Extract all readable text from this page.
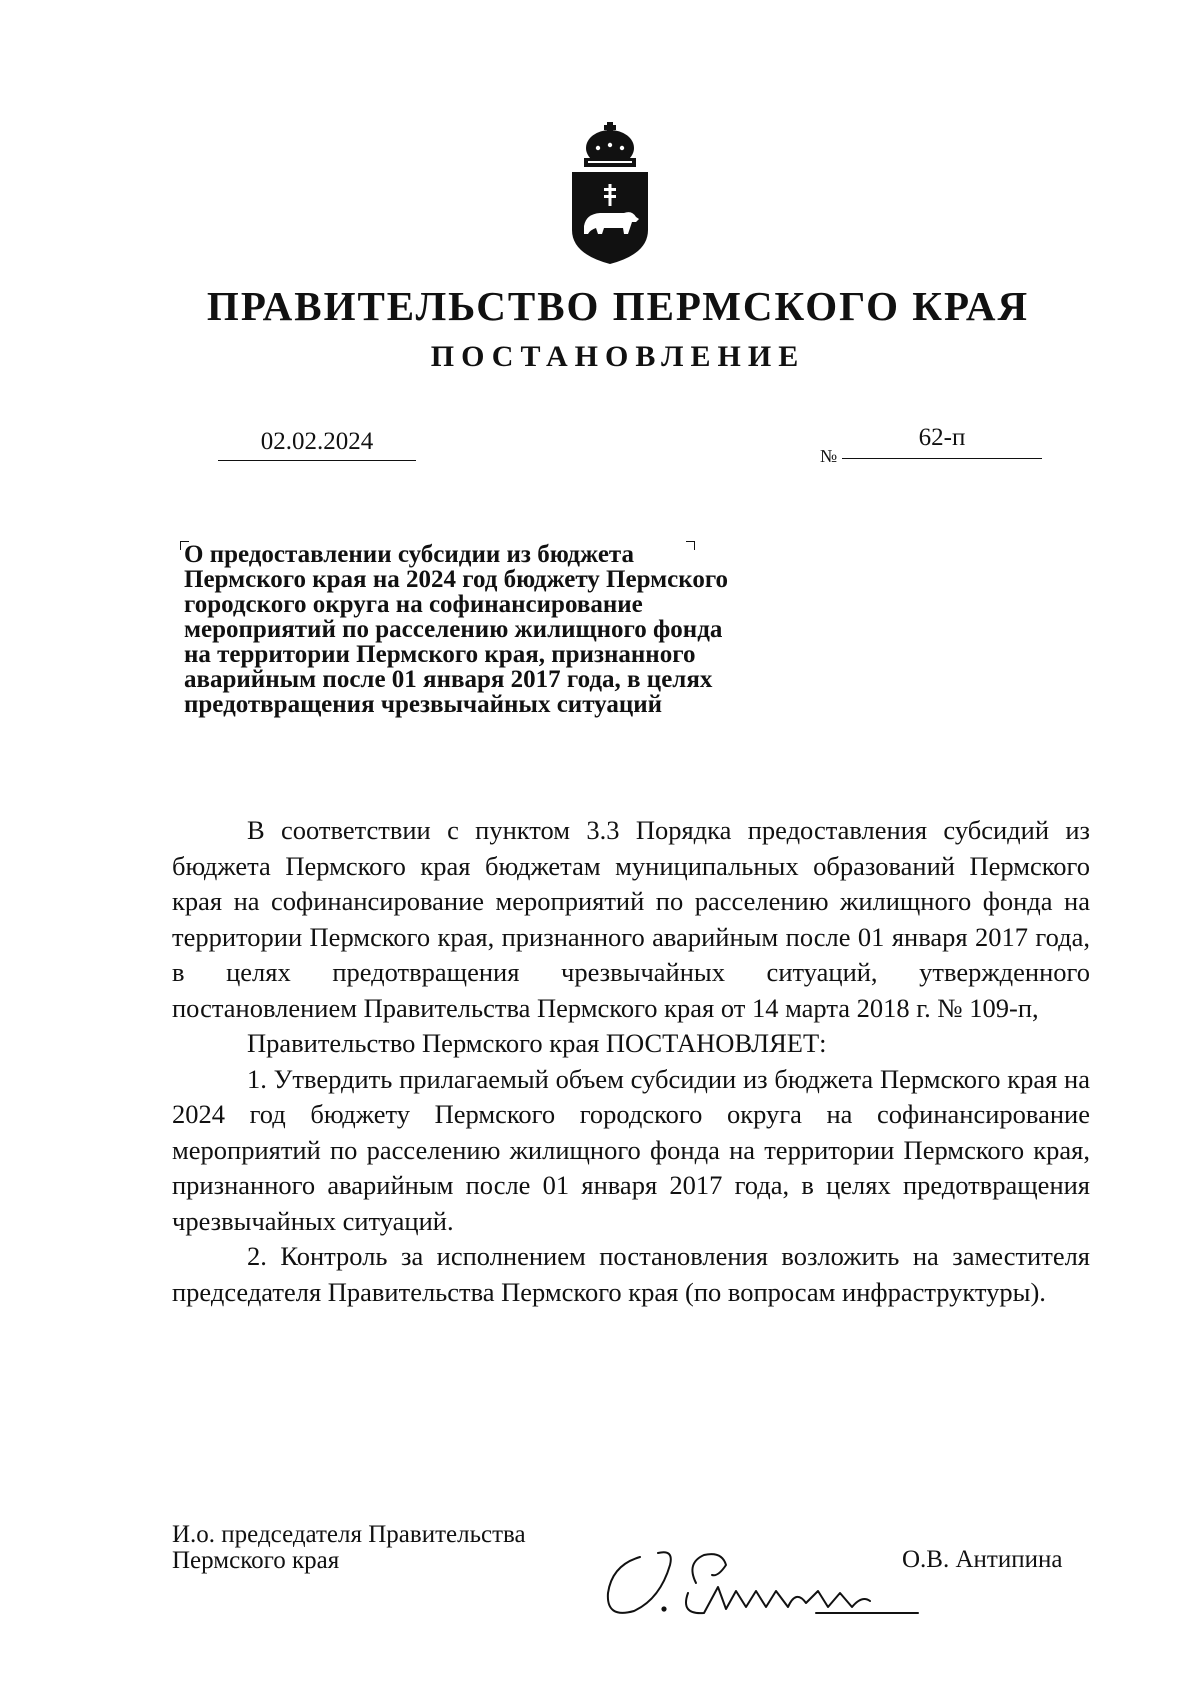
ПРАВИТЕЛЬСТВО ПЕРМСКОГО КРАЯ
ПОСТАНОВЛЕНИЕ
02.02.2024
№
62-п
О предоставлении субсидии из бюджета
Пермского края на 2024 год бюджету Пермского
городского округа на софинансирование
мероприятий по расселению жилищного фонда
на территории Пермского края, признанного
аварийным после 01 января 2017 года, в целях
предотвращения чрезвычайных ситуаций

В соответствии с пунктом 3.3 Порядка предоставления субсидий из бюджета Пермского края бюджетам муниципальных образований Пермского края на софинансирование мероприятий по расселению жилищного фонда на территории Пермского края, признанного аварийным после 01 января 2017 года, в целях предотвращения чрезвычайных ситуаций, утвержденного постановлением Правительства Пермского края от 14 марта 2018 г. № 109-п,

Правительство Пермского края ПОСТАНОВЛЯЕТ:

1. Утвердить прилагаемый объем субсидии из бюджета Пермского края на 2024 год бюджету Пермского городского округа на софинансирование мероприятий по расселению жилищного фонда на территории Пермского края, признанного аварийным после 01 января 2017 года, в целях предотвращения чрезвычайных ситуаций.

2. Контроль за исполнением постановления возложить на заместителя председателя Правительства Пермского края (по вопросам инфраструктуры).

И.о. председателя Правительства
Пермского края	О.В. Антипина
